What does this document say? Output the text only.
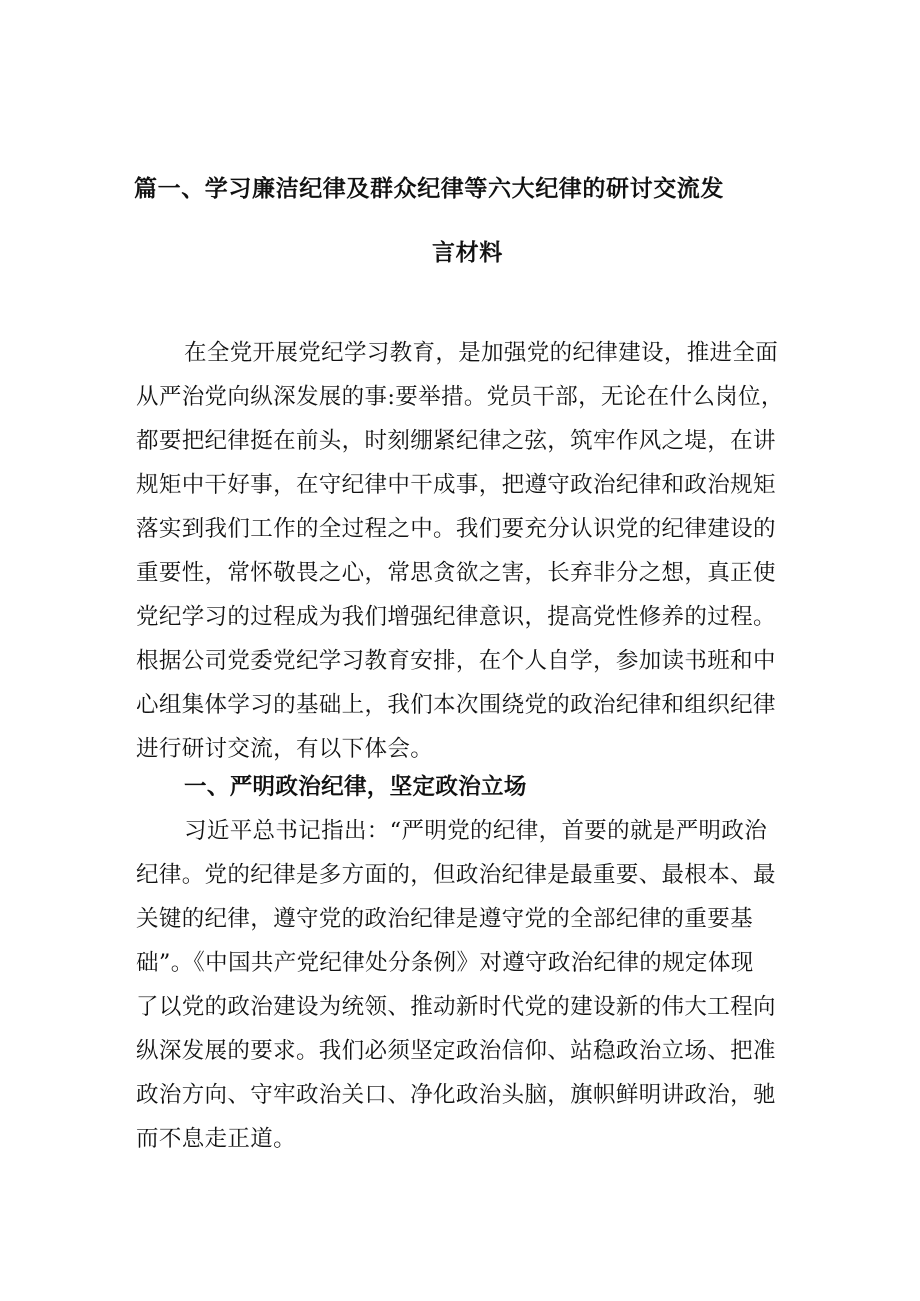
篇一、学习廉洁纪律及群众纪律等六大纪律的研讨交流发
言材料
在全党开展党纪学习教育，是加强党的纪律建设，推进全面
从严治党向纵深发展的事:要举措。党员干部，无论在什么岗位，
都要把纪律挺在前头，时刻绷紧纪律之弦，筑牢作风之堤，在讲
规矩中干好事，在守纪律中干成事，把遵守政治纪律和政治规矩
落实到我们工作的全过程之中。我们要充分认识党的纪律建设的
重要性，常怀敬畏之心，常思贪欲之害，长弃非分之想，真正使
党纪学习的过程成为我们增强纪律意识，提高党性修养的过程。
根据公司党委党纪学习教育安排，在个人自学，参加读书班和中
心组集体学习的基础上，我们本次围绕党的政治纪律和组织纪律
进行研讨交流，有以下体会。
一、严明政治纪律，坚定政治立场
习近平总书记指出：“严明党的纪律，首要的就是严明政治
纪律。党的纪律是多方面的，但政治纪律是最重要、最根本、最
关键的纪律，遵守党的政治纪律是遵守党的全部纪律的重要基
础”。《中国共产党纪律处分条例》对遵守政治纪律的规定体现
了以党的政治建设为统领、推动新时代党的建设新的伟大工程向
纵深发展的要求。我们必须坚定政治信仰、站稳政治立场、把准
政治方向、守牢政治关口、净化政治头脑，旗帜鲜明讲政治，驰
而不息走正道。
